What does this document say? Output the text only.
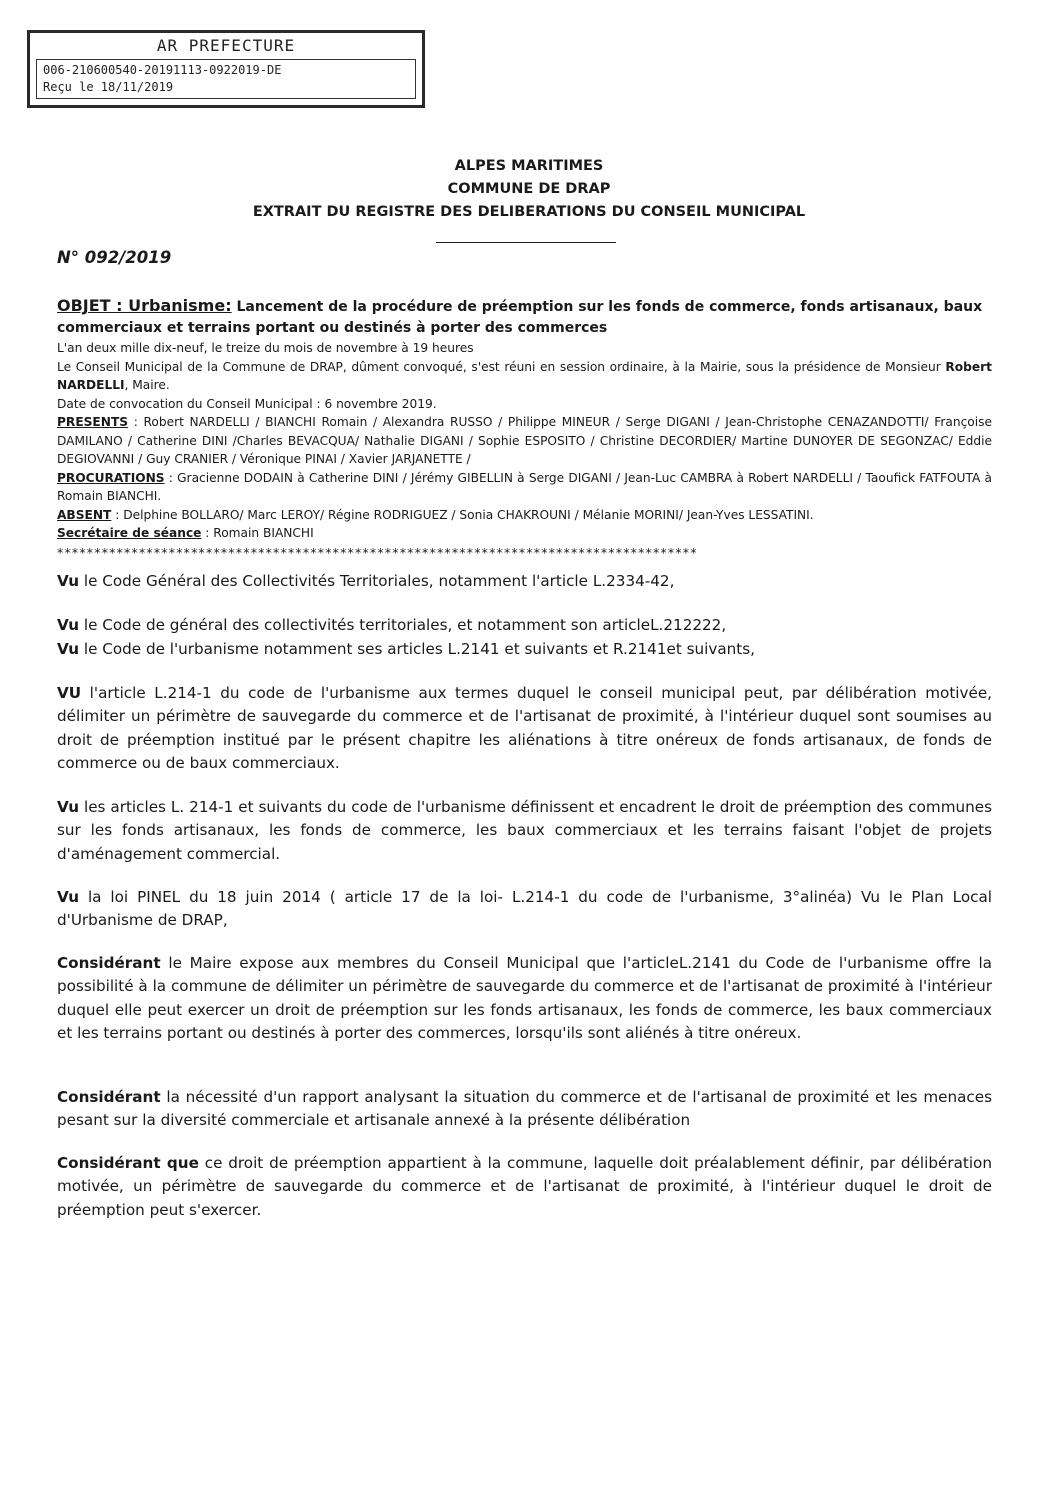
AR PREFECTURE
006-210600540-20191113-0922019-DE
Reçu le 18/11/2019
ALPES MARITIMES
COMMUNE DE DRAP
EXTRAIT DU REGISTRE DES DELIBERATIONS DU CONSEIL MUNICIPAL
N° 092/2019
OBJET : Urbanisme: Lancement de la procédure de préemption sur les fonds de commerce, fonds artisanaux, baux commerciaux et terrains portant ou destinés à porter des commerces
L'an deux mille dix-neuf, le treize du mois de novembre à 19 heures
Le Conseil Municipal de la Commune de DRAP, dûment convoqué, s'est réuni en session ordinaire, à la Mairie, sous la présidence de Monsieur Robert NARDELLI, Maire.
Date de convocation du Conseil Municipal : 6 novembre 2019.
PRESENTS : Robert NARDELLI / BIANCHI Romain / Alexandra RUSSO / Philippe MINEUR / Serge DIGANI / Jean-Christophe CENAZANDOTTI/ Françoise DAMILANO / Catherine DINI /Charles BEVACQUA/ Nathalie DIGANI / Sophie ESPOSITO / Christine DECORDIER/ Martine DUNOYER DE SEGONZAC/ Eddie DEGIOVANNI / Guy CRANIER / Véronique PINAI / Xavier JARJANETTE /
PROCURATIONS : Gracienne DODAIN à Catherine DINI / Jérémy GIBELLIN à Serge DIGANI / Jean-Luc CAMBRA à Robert NARDELLI / Taoufick FATFOUTA à Romain BIANCHI.
ABSENT : Delphine BOLLARO/ Marc LEROY/ Régine RODRIGUEZ / Sonia CHAKROUNI / Mélanie MORINI/ Jean-Yves LESSATINI.
Secrétaire de séance : Romain BIANCHI
**************************************************************************************
Vu le Code Général des Collectivités Territoriales, notamment l'article L.2334-42,
Vu le Code de général des collectivités territoriales, et notamment son articleL.212222,
Vu le Code de l'urbanisme notamment ses articles L.2141 et suivants et R.2141et suivants,
VU l'article L.214-1 du code de l'urbanisme aux termes duquel le conseil municipal peut, par délibération motivée, délimiter un périmètre de sauvegarde du commerce et de l'artisanat de proximité, à l'intérieur duquel sont soumises au droit de préemption institué par le présent chapitre les aliénations à titre onéreux de fonds artisanaux, de fonds de commerce ou de baux commerciaux.
Vu les articles L. 214-1 et suivants du code de l'urbanisme définissent et encadrent le droit de préemption des communes sur les fonds artisanaux, les fonds de commerce, les baux commerciaux et les terrains faisant l'objet de projets d'aménagement commercial.
Vu la loi PINEL du 18 juin 2014 ( article 17 de la loi- L.214-1 du code de l'urbanisme, 3°alinéa) Vu le Plan Local d'Urbanisme de DRAP,
Considérant le Maire expose aux membres du Conseil Municipal que l'articleL.2141 du Code de l'urbanisme offre la possibilité à la commune de délimiter un périmètre de sauvegarde du commerce et de l'artisanat de proximité à l'intérieur duquel elle peut exercer un droit de préemption sur les fonds artisanaux, les fonds de commerce, les baux commerciaux et les terrains portant ou destinés à porter des commerces, lorsqu'ils sont aliénés à titre onéreux.
Considérant la nécessité d'un rapport analysant la situation du commerce et de l'artisanal de proximité et les menaces pesant sur la diversité commerciale et artisanale annexé à la présente délibération
Considérant que ce droit de préemption appartient à la commune, laquelle doit préalablement définir, par délibération motivée, un périmètre de sauvegarde du commerce et de l'artisanat de proximité, à l'intérieur duquel le droit de préemption peut s'exercer.
